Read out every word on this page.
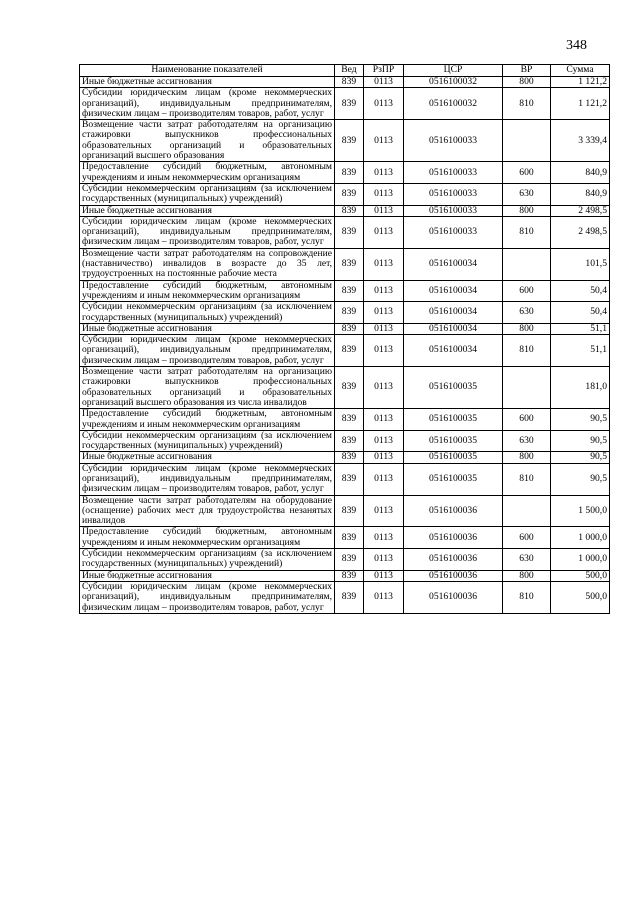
348
Наименование показателей	Вед	РзПР	ЦСР	ВР	Сумма
Иные бюджетные ассигнования	839	0113	0516100032	800	1 121,2
Субсидии юридическим лицам (кроме некоммерческих организаций), индивидуальным предпринимателям, физическим лицам – производителям товаров, работ, услуг	839	0113	0516100032	810	1 121,2
Возмещение части затрат работодателям на организацию стажировки выпускников профессиональных образовательных организаций и образовательных организаций высшего образования	839	0113	0516100033		3 339,4
Предоставление субсидий бюджетным, автономным учреждениям и иным некоммерческим организациям	839	0113	0516100033	600	840,9
Субсидии некоммерческим организациям (за исключением государственных (муниципальных) учреждений)	839	0113	0516100033	630	840,9
Иные бюджетные ассигнования	839	0113	0516100033	800	2 498,5
Субсидии юридическим лицам (кроме некоммерческих организаций), индивидуальным предпринимателям, физическим лицам – производителям товаров, работ, услуг	839	0113	0516100033	810	2 498,5
Возмещение части затрат работодателям на сопровождение (наставничество) инвалидов в возрасте до 35 лет, трудоустроенных на постоянные рабочие места	839	0113	0516100034		101,5
Предоставление субсидий бюджетным, автономным учреждениям и иным некоммерческим организациям	839	0113	0516100034	600	50,4
Субсидии некоммерческим организациям (за исключением государственных (муниципальных) учреждений)	839	0113	0516100034	630	50,4
Иные бюджетные ассигнования	839	0113	0516100034	800	51,1
Субсидии юридическим лицам (кроме некоммерческих организаций), индивидуальным предпринимателям, физическим лицам – производителям товаров, работ, услуг	839	0113	0516100034	810	51,1
Возмещение части затрат работодателям на организацию стажировки выпускников профессиональных образовательных организаций и образовательных организаций высшего образования из числа инвалидов	839	0113	0516100035		181,0
Предоставление субсидий бюджетным, автономным учреждениям и иным некоммерческим организациям	839	0113	0516100035	600	90,5
Субсидии некоммерческим организациям (за исключением государственных (муниципальных) учреждений)	839	0113	0516100035	630	90,5
Иные бюджетные ассигнования	839	0113	0516100035	800	90,5
Субсидии юридическим лицам (кроме некоммерческих организаций), индивидуальным предпринимателям, физическим лицам – производителям товаров, работ, услуг	839	0113	0516100035	810	90,5
Возмещение части затрат работодателям на оборудование (оснащение) рабочих мест для трудоустройства незанятых инвалидов	839	0113	0516100036		1 500,0
Предоставление субсидий бюджетным, автономным учреждениям и иным некоммерческим организациям	839	0113	0516100036	600	1 000,0
Субсидии некоммерческим организациям (за исключением государственных (муниципальных) учреждений)	839	0113	0516100036	630	1 000,0
Иные бюджетные ассигнования	839	0113	0516100036	800	500,0
Субсидии юридическим лицам (кроме некоммерческих организаций), индивидуальным предпринимателям, физическим лицам – производителям товаров, работ, услуг	839	0113	0516100036	810	500,0
